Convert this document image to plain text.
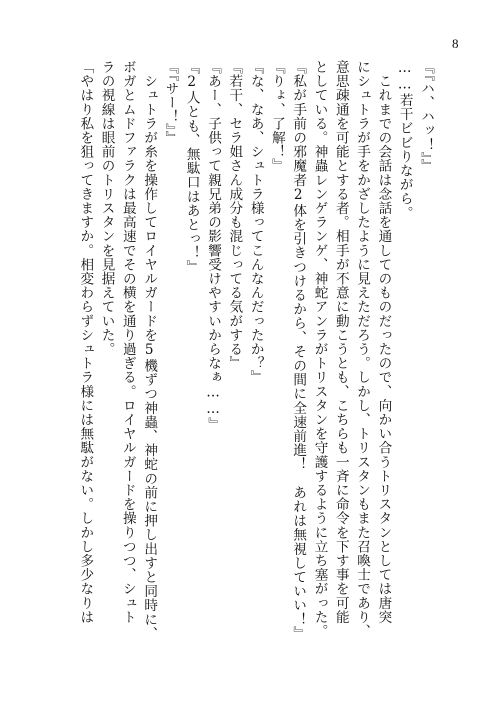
8
『『ハ、ハッ！』』
……若干ビビりながら。
　これまでの会話は念話を通してのものだったので、向かい合うトリスタンとしては唐突
にシュトラが手をかざしたように見えただろう。しかし、トリスタンもまた召喚士であり、
意思疎通を可能とする者。相手が不意に動こうとも、こちらも一斉に命令を下す事を可能
としている。神蟲レンゲランゲ、神蛇アンラがトリスタンを守護するように立ち塞がった。
『私が手前の邪魔者2体を引きつけるから、その間に全速前進！　あれは無視していい！』
『りょ、了解！』
『な、なあ、シュトラ様ってこんなんだったか？』
『若干、セラ姐さん成分も混じってる気がする』
『あー、子供って親兄弟の影響受けやすいからなぁ……』
『2人とも、無駄口はあとっ！』
『『サー！』』
　シュトラが糸を操作してロイヤルガードを5機ずつ神蟲、神蛇の前に押し出すと同時に、
ボガとムドファラクは最高速でその横を通り過ぎる。ロイヤルガードを操りつつ、シュト
ラの視線は眼前のトリスタンを見据えていた。
「やはり私を狙ってきますか。相変わらずシュトラ様には無駄がない。しかし多少なりは
